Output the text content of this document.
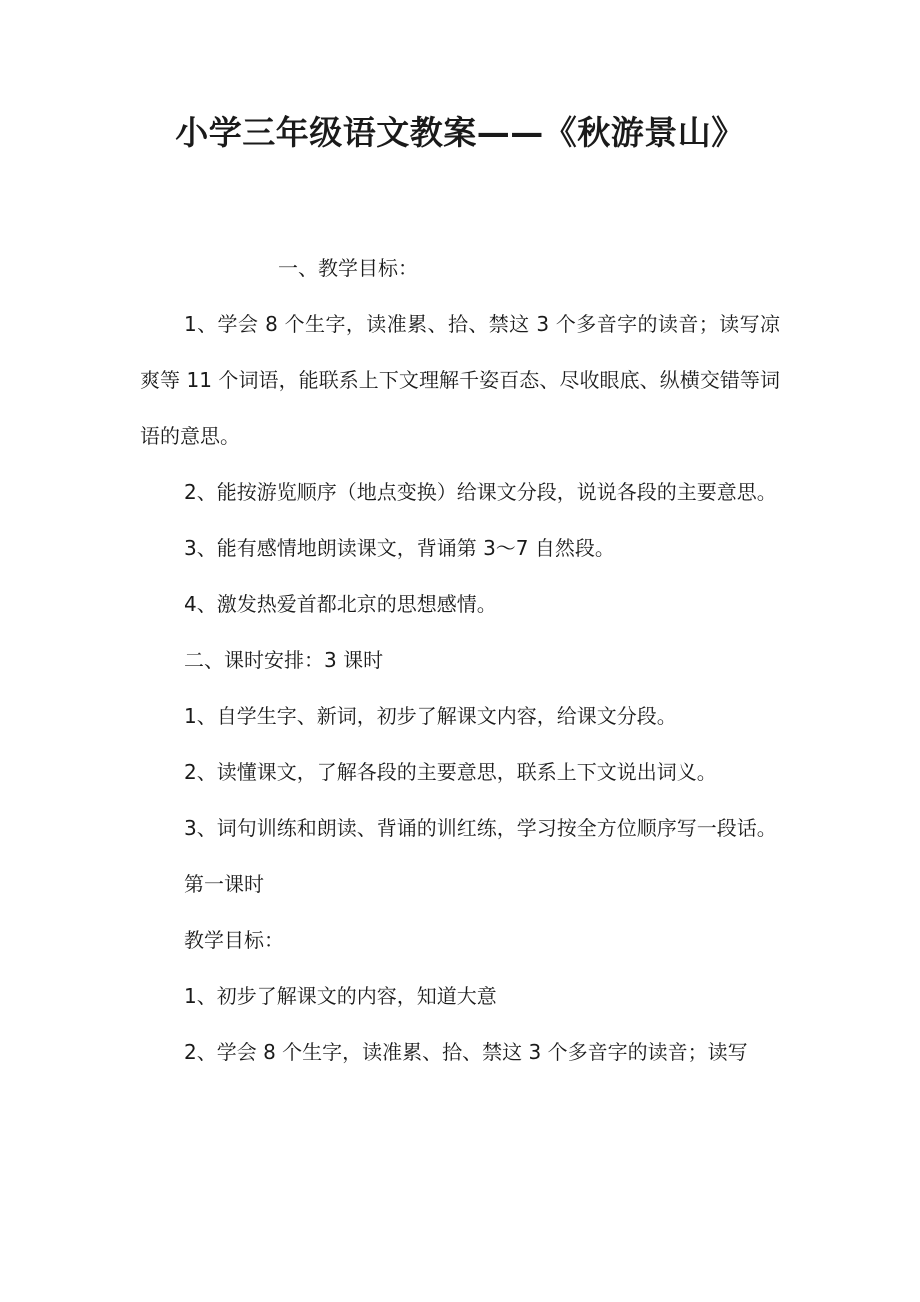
小学三年级语文教案——《秋游景山》

一、教学目标：

1、学会 8 个生字，读准累、拾、禁这 3 个多音字的读音；读写凉爽等 11 个词语，能联系上下文理解千姿百态、尽收眼底、纵横交错等词语的意思。

2、能按游览顺序（地点变换）给课文分段，说说各段的主要意思。

3、能有感情地朗读课文，背诵第 3～7 自然段。

4、激发热爱首都北京的思想感情。

二、课时安排：3 课时

1、自学生字、新词，初步了解课文内容，给课文分段。

2、读懂课文，了解各段的主要意思，联系上下文说出词义。

3、词句训练和朗读、背诵的训红练，学习按全方位顺序写一段话。

第一课时

教学目标：

1、初步了解课文的内容，知道大意

2、学会 8 个生字，读准累、拾、禁这 3 个多音字的读音；读写
